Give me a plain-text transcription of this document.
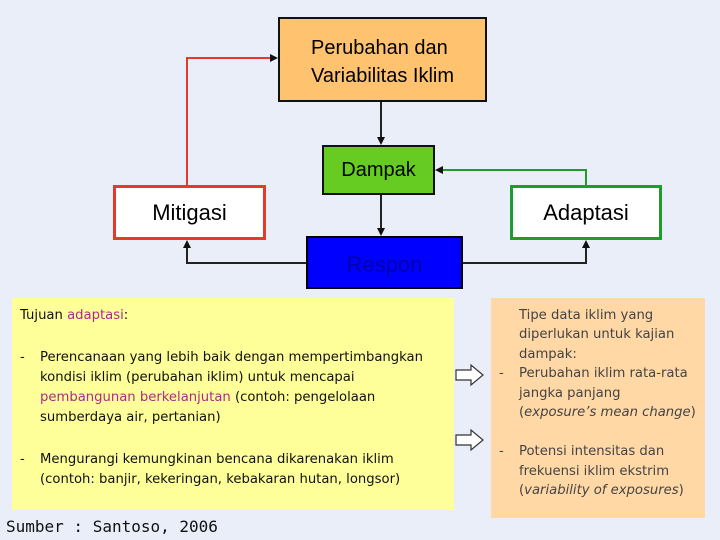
Perubahan dan
Variabilitas Iklim
Dampak
Mitigasi	Adaptasi
Respon
Tujuan adaptasi:
-	Perencanaan yang lebih baik dengan mempertimbangkan kondisi iklim (perubahan iklim) untuk mencapai pembangunan berkelanjutan (contoh: pengelolaan sumberdaya air, pertanian)
-	Mengurangi kemungkinan bencana dikarenakan iklim (contoh: banjir, kekeringan, kebakaran hutan, longsor)
Tipe data iklim yang diperlukan untuk kajian dampak:
-	Perubahan iklim rata-rata jangka panjang (exposure’s mean change)
-	Potensi intensitas dan frekuensi iklim ekstrim (variability of exposures)
Sumber : Santoso, 2006
